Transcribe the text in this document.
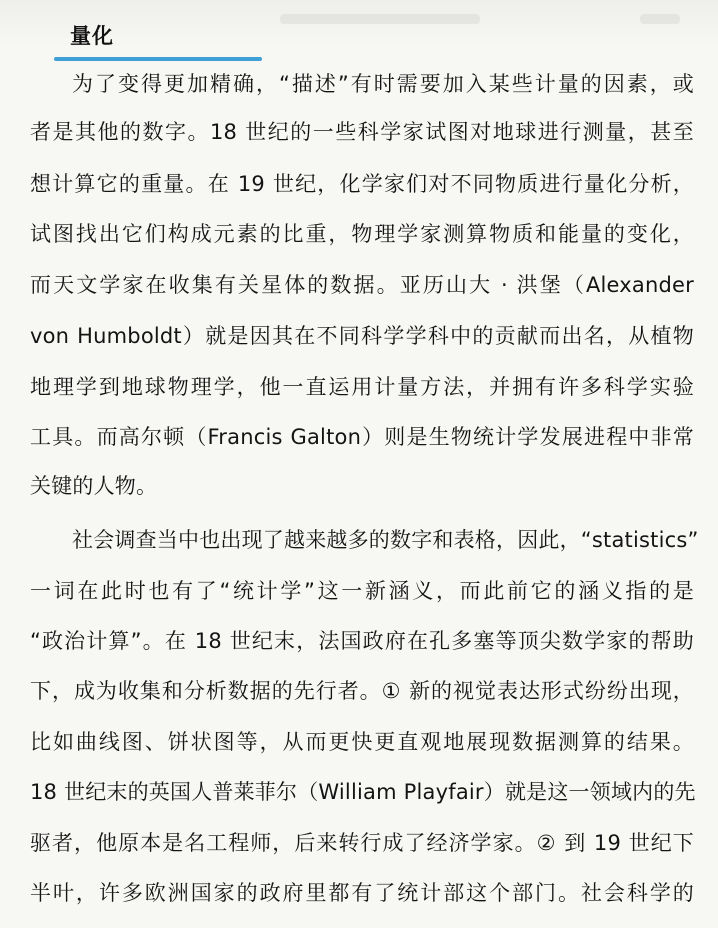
量化
为了变得更加精确，“描述”有时需要加入某些计量的因素，或
者是其他的数字。18 世纪的一些科学家试图对地球进行测量，甚至
想计算它的重量。在 19 世纪，化学家们对不同物质进行量化分析，
试图找出它们构成元素的比重，物理学家测算物质和能量的变化，
而天文学家在收集有关星体的数据。亚历山大 · 洪堡（Alexander
von Humboldt）就是因其在不同科学学科中的贡献而出名，从植物
地理学到地球物理学，他一直运用计量方法，并拥有许多科学实验
工具。而高尔顿（Francis Galton）则是生物统计学发展进程中非常
关键的人物。
社会调查当中也出现了越来越多的数字和表格，因此，“statistics”
一词在此时也有了“统计学”这一新涵义，而此前它的涵义指的是
“政治计算”。在 18 世纪末，法国政府在孔多塞等顶尖数学家的帮助
下，成为收集和分析数据的先行者。① 新的视觉表达形式纷纷出现，
比如曲线图、饼状图等，从而更快更直观地展现数据测算的结果。
18 世纪末的英国人普莱菲尔（William Playfair）就是这一领域内的先
驱者，他原本是名工程师，后来转行成了经济学家。② 到 19 世纪下
半叶，许多欧洲国家的政府里都有了统计部这个部门。社会科学的
